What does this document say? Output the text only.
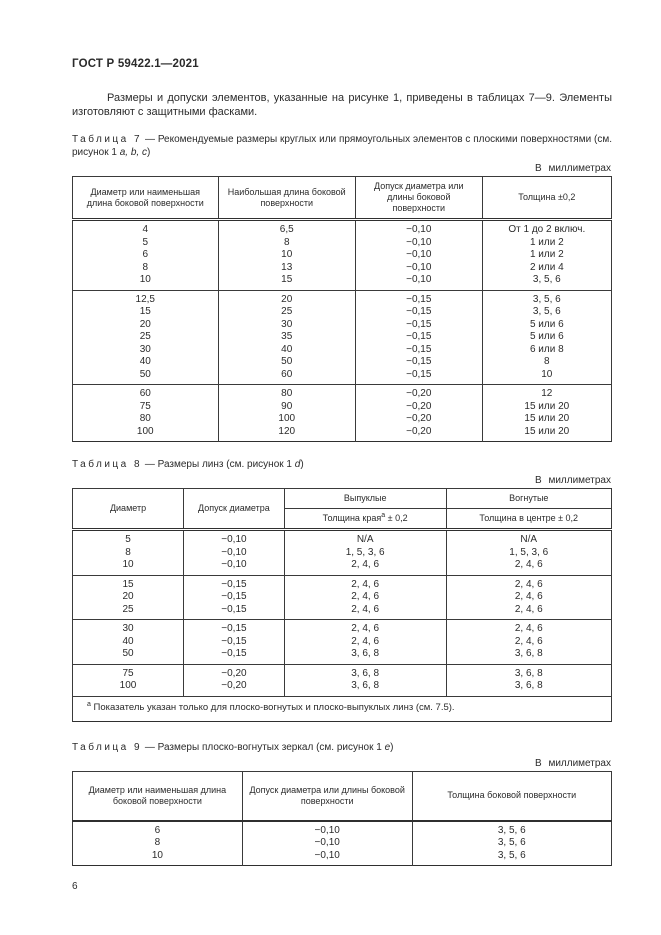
ГОСТ Р 59422.1—2021

Размеры и допуски элементов, указанные на рисунке 1, приведены в таблицах 7—9. Элементы изготовляют с защитными фасками.

Таблица 7 — Рекомендуемые размеры круглых или прямоугольных элементов с плоскими поверхностями (см. рисунок 1 a, b, c)
В миллиметрах
Диаметр или наименьшая длина боковой поверхности	Наибольшая длина боковой поверхности	Допуск диаметра или длины боковой поверхности	Толщина ±0,2
4	6,5	−0,10	От 1 до 2 включ.
5	8	−0,10	1 или 2
6	10	−0,10	1 или 2
8	13	−0,10	2 или 4
10	15	−0,10	3, 5, 6
12,5	20	−0,15	3, 5, 6
15	25	−0,15	3, 5, 6
20	30	−0,15	5 или 6
25	35	−0,15	5 или 6
30	40	−0,15	6 или 8
40	50	−0,15	8
50	60	−0,15	10
60	80	−0,20	12
75	90	−0,20	15 или 20
80	100	−0,20	15 или 20
100	120	−0,20	15 или 20
Таблица 8 — Размеры линз (см. рисунок 1 d)
В миллиметрах
Диаметр	Допуск диаметра	Выпуклые	Вогнутые
		Толщина края$^a$ ± 0,2	Толщина в центре ± 0,2
5	−0,10	N/A	N/A
8	−0,10	1, 5, 3, 6	1, 5, 3, 6
10	−0,10	2, 4, 6	2, 4, 6
15	−0,15	2, 4, 6	2, 4, 6
20	−0,15	2, 4, 6	2, 4, 6
25	−0,15	2, 4, 6	2, 4, 6
30	−0,15	2, 4, 6	2, 4, 6
40	−0,15	2, 4, 6	2, 4, 6
50	−0,15	3, 6, 8	3, 6, 8
75	−0,20	3, 6, 8	3, 6, 8
100	−0,20	3, 6, 8	3, 6, 8
$^a$ Показатель указан только для плоско-вогнутых и плоско-выпуклых линз (см. 7.5).			
Таблица 9 — Размеры плоско-вогнутых зеркал (см. рисунок 1 e)
В миллиметрах
Диаметр или наименьшая длина боковой поверхности	Допуск диаметра или длины боковой поверхности	Толщина боковой поверхности
6	−0,10	3, 5, 6
8	−0,10	3, 5, 6
10	−0,10	3, 5, 6
6
